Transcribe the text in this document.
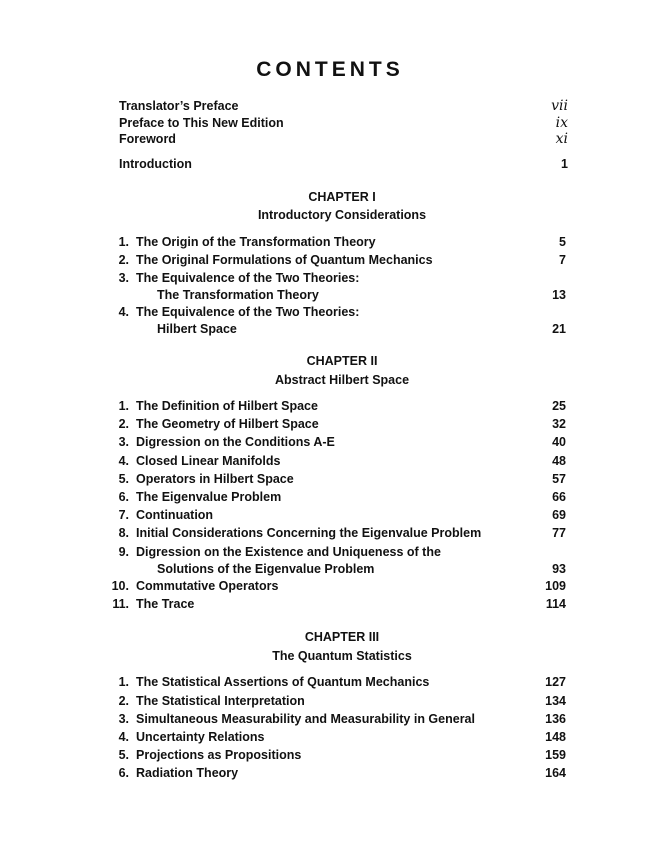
CONTENTS
Translator’s Preface	vii
Preface to This New Edition	ix
Foreword	xi
Introduction	1
CHAPTER I
Introductory Considerations
1. The Origin of the Transformation Theory	5
2. The Original Formulations of Quantum Mechanics	7
3. The Equivalence of the Two Theories:
The Transformation Theory	13
4. The Equivalence of the Two Theories:
Hilbert Space	21
CHAPTER II
Abstract Hilbert Space
1. The Definition of Hilbert Space	25
2. The Geometry of Hilbert Space	32
3. Digression on the Conditions A-E	40
4. Closed Linear Manifolds	48
5. Operators in Hilbert Space	57
6. The Eigenvalue Problem	66
7. Continuation	69
8. Initial Considerations Concerning the Eigenvalue Problem	77
9. Digression on the Existence and Uniqueness of the
Solutions of the Eigenvalue Problem	93
10. Commutative Operators	109
11. The Trace	114
CHAPTER III
The Quantum Statistics
1. The Statistical Assertions of Quantum Mechanics	127
2. The Statistical Interpretation	134
3. Simultaneous Measurability and Measurability in General	136
4. Uncertainty Relations	148
5. Projections as Propositions	159
6. Radiation Theory	164
